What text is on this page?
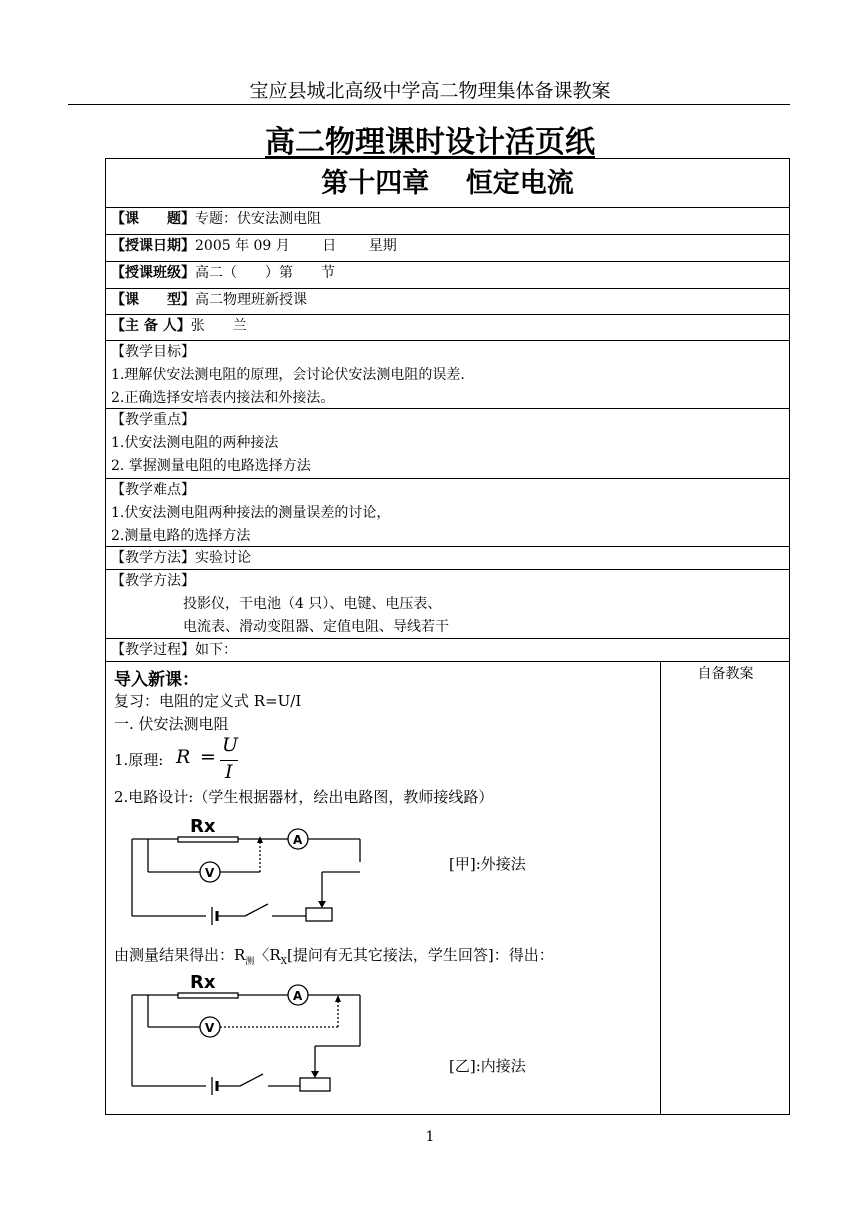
宝应县城北高级中学高二物理集体备课教案
高二物理课时设计活页纸
第十四章　 恒定电流
【课　　题】专题：伏安法测电阻
【授课日期】2005 年 09 月　　 日　　 星期
【授课班级】高二（　　）第　　节
【课　　型】高二物理班新授课
【主 备 人】张　　兰
【教学目标】
1.理解伏安法测电阻的原理，会讨论伏安法测电阻的误差.
2.正确选择安培表内接法和外接法。
【教学重点】
1.伏安法测电阻的两种接法
2. 掌握测量电阻的电路选择方法
【教学难点】
1.伏安法测电阻两种接法的测量误差的讨论，
2.测量电路的选择方法
【教学方法】实验讨论
【教学方法】
投影仪，干电池（4 只）、电键、电压表、
电流表、滑动变阻器、定值电阻、导线若干
【教学过程】如下：
自备教案
导入新课：
复习：电阻的定义式 R=U/I
一. 伏安法测电阻
1.原理: R =
U
I
2.电路设计:（学生根据器材，绘出电路图，教师接线路）
A
V
Rx
[甲]:外接法
由测量结果得出：$R_测$〈$R_X$[提问有无其它接法，学生回答]：得出：
A
V
Rx
[乙]:内接法
1
